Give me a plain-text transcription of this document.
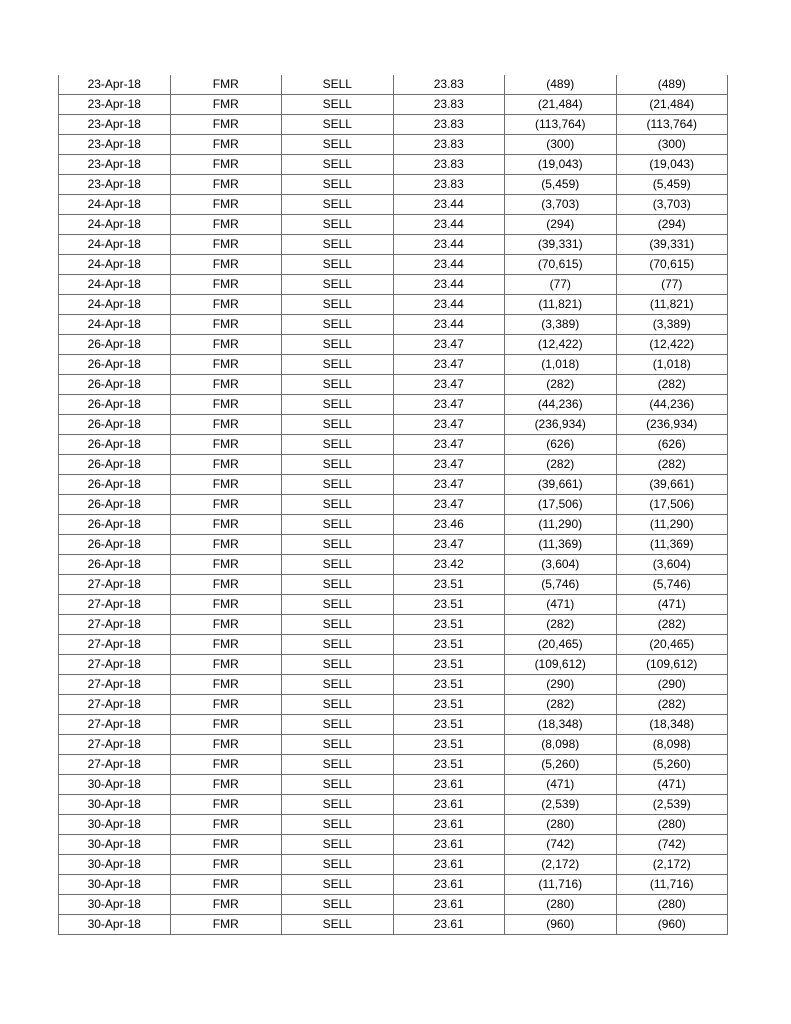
23-Apr-18	FMR	SELL	23.83	(489)	(489)
23-Apr-18	FMR	SELL	23.83	(21,484)	(21,484)
23-Apr-18	FMR	SELL	23.83	(113,764)	(113,764)
23-Apr-18	FMR	SELL	23.83	(300)	(300)
23-Apr-18	FMR	SELL	23.83	(19,043)	(19,043)
23-Apr-18	FMR	SELL	23.83	(5,459)	(5,459)
24-Apr-18	FMR	SELL	23.44	(3,703)	(3,703)
24-Apr-18	FMR	SELL	23.44	(294)	(294)
24-Apr-18	FMR	SELL	23.44	(39,331)	(39,331)
24-Apr-18	FMR	SELL	23.44	(70,615)	(70,615)
24-Apr-18	FMR	SELL	23.44	(77)	(77)
24-Apr-18	FMR	SELL	23.44	(11,821)	(11,821)
24-Apr-18	FMR	SELL	23.44	(3,389)	(3,389)
26-Apr-18	FMR	SELL	23.47	(12,422)	(12,422)
26-Apr-18	FMR	SELL	23.47	(1,018)	(1,018)
26-Apr-18	FMR	SELL	23.47	(282)	(282)
26-Apr-18	FMR	SELL	23.47	(44,236)	(44,236)
26-Apr-18	FMR	SELL	23.47	(236,934)	(236,934)
26-Apr-18	FMR	SELL	23.47	(626)	(626)
26-Apr-18	FMR	SELL	23.47	(282)	(282)
26-Apr-18	FMR	SELL	23.47	(39,661)	(39,661)
26-Apr-18	FMR	SELL	23.47	(17,506)	(17,506)
26-Apr-18	FMR	SELL	23.46	(11,290)	(11,290)
26-Apr-18	FMR	SELL	23.47	(11,369)	(11,369)
26-Apr-18	FMR	SELL	23.42	(3,604)	(3,604)
27-Apr-18	FMR	SELL	23.51	(5,746)	(5,746)
27-Apr-18	FMR	SELL	23.51	(471)	(471)
27-Apr-18	FMR	SELL	23.51	(282)	(282)
27-Apr-18	FMR	SELL	23.51	(20,465)	(20,465)
27-Apr-18	FMR	SELL	23.51	(109,612)	(109,612)
27-Apr-18	FMR	SELL	23.51	(290)	(290)
27-Apr-18	FMR	SELL	23.51	(282)	(282)
27-Apr-18	FMR	SELL	23.51	(18,348)	(18,348)
27-Apr-18	FMR	SELL	23.51	(8,098)	(8,098)
27-Apr-18	FMR	SELL	23.51	(5,260)	(5,260)
30-Apr-18	FMR	SELL	23.61	(471)	(471)
30-Apr-18	FMR	SELL	23.61	(2,539)	(2,539)
30-Apr-18	FMR	SELL	23.61	(280)	(280)
30-Apr-18	FMR	SELL	23.61	(742)	(742)
30-Apr-18	FMR	SELL	23.61	(2,172)	(2,172)
30-Apr-18	FMR	SELL	23.61	(11,716)	(11,716)
30-Apr-18	FMR	SELL	23.61	(280)	(280)
30-Apr-18	FMR	SELL	23.61	(960)	(960)
